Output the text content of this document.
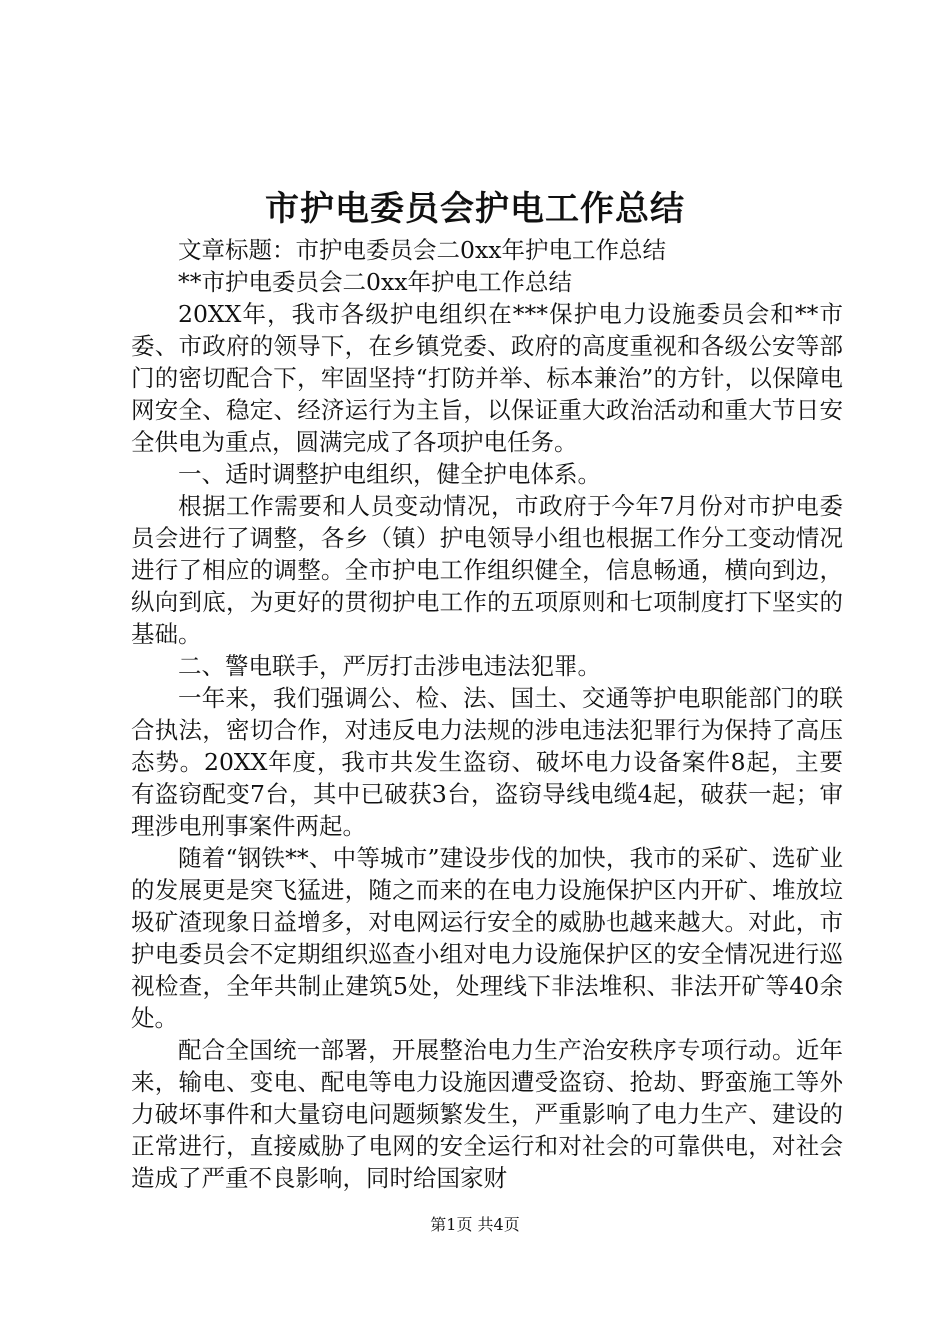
市护电委员会护电工作总结

文章标题：市护电委员会二0xx年护电工作总结

**市护电委员会二0xx年护电工作总结

20XX年，我市各级护电组织在***保护电力设施委员会和**市委、市政府的领导下，在乡镇党委、政府的高度重视和各级公安等部门的密切配合下，牢固坚持“打防并举、标本兼治”的方针，以保障电网安全、稳定、经济运行为主旨，以保证重大政治活动和重大节日安全供电为重点，圆满完成了各项护电任务。

一、适时调整护电组织，健全护电体系。

根据工作需要和人员变动情况，市政府于今年7月份对市护电委员会进行了调整，各乡（镇）护电领导小组也根据工作分工变动情况进行了相应的调整。全市护电工作组织健全，信息畅通，横向到边，纵向到底，为更好的贯彻护电工作的五项原则和七项制度打下坚实的基础。

二、警电联手，严厉打击涉电违法犯罪。

一年来，我们强调公、检、法、国土、交通等护电职能部门的联合执法，密切合作，对违反电力法规的涉电违法犯罪行为保持了高压态势。20XX年度，我市共发生盗窃、破坏电力设备案件8起，主要有盗窃配变7台，其中已破获3台，盗窃导线电缆4起，破获一起；审理涉电刑事案件两起。

随着“钢铁**、中等城市”建设步伐的加快，我市的采矿、选矿业的发展更是突飞猛进，随之而来的在电力设施保护区内开矿、堆放垃圾矿渣现象日益增多，对电网运行安全的威胁也越来越大。对此，市护电委员会不定期组织巡查小组对电力设施保护区的安全情况进行巡视检查，全年共制止建筑5处，处理线下非法堆积、非法开矿等40余处。

配合全国统一部署，开展整治电力生产治安秩序专项行动。近年来，输电、变电、配电等电力设施因遭受盗窃、抢劫、野蛮施工等外力破坏事件和大量窃电问题频繁发生，严重影响了电力生产、建设的正常进行，直接威胁了电网的安全运行和对社会的可靠供电，对社会造成了严重不良影响，同时给国家财

第1页 共4页
